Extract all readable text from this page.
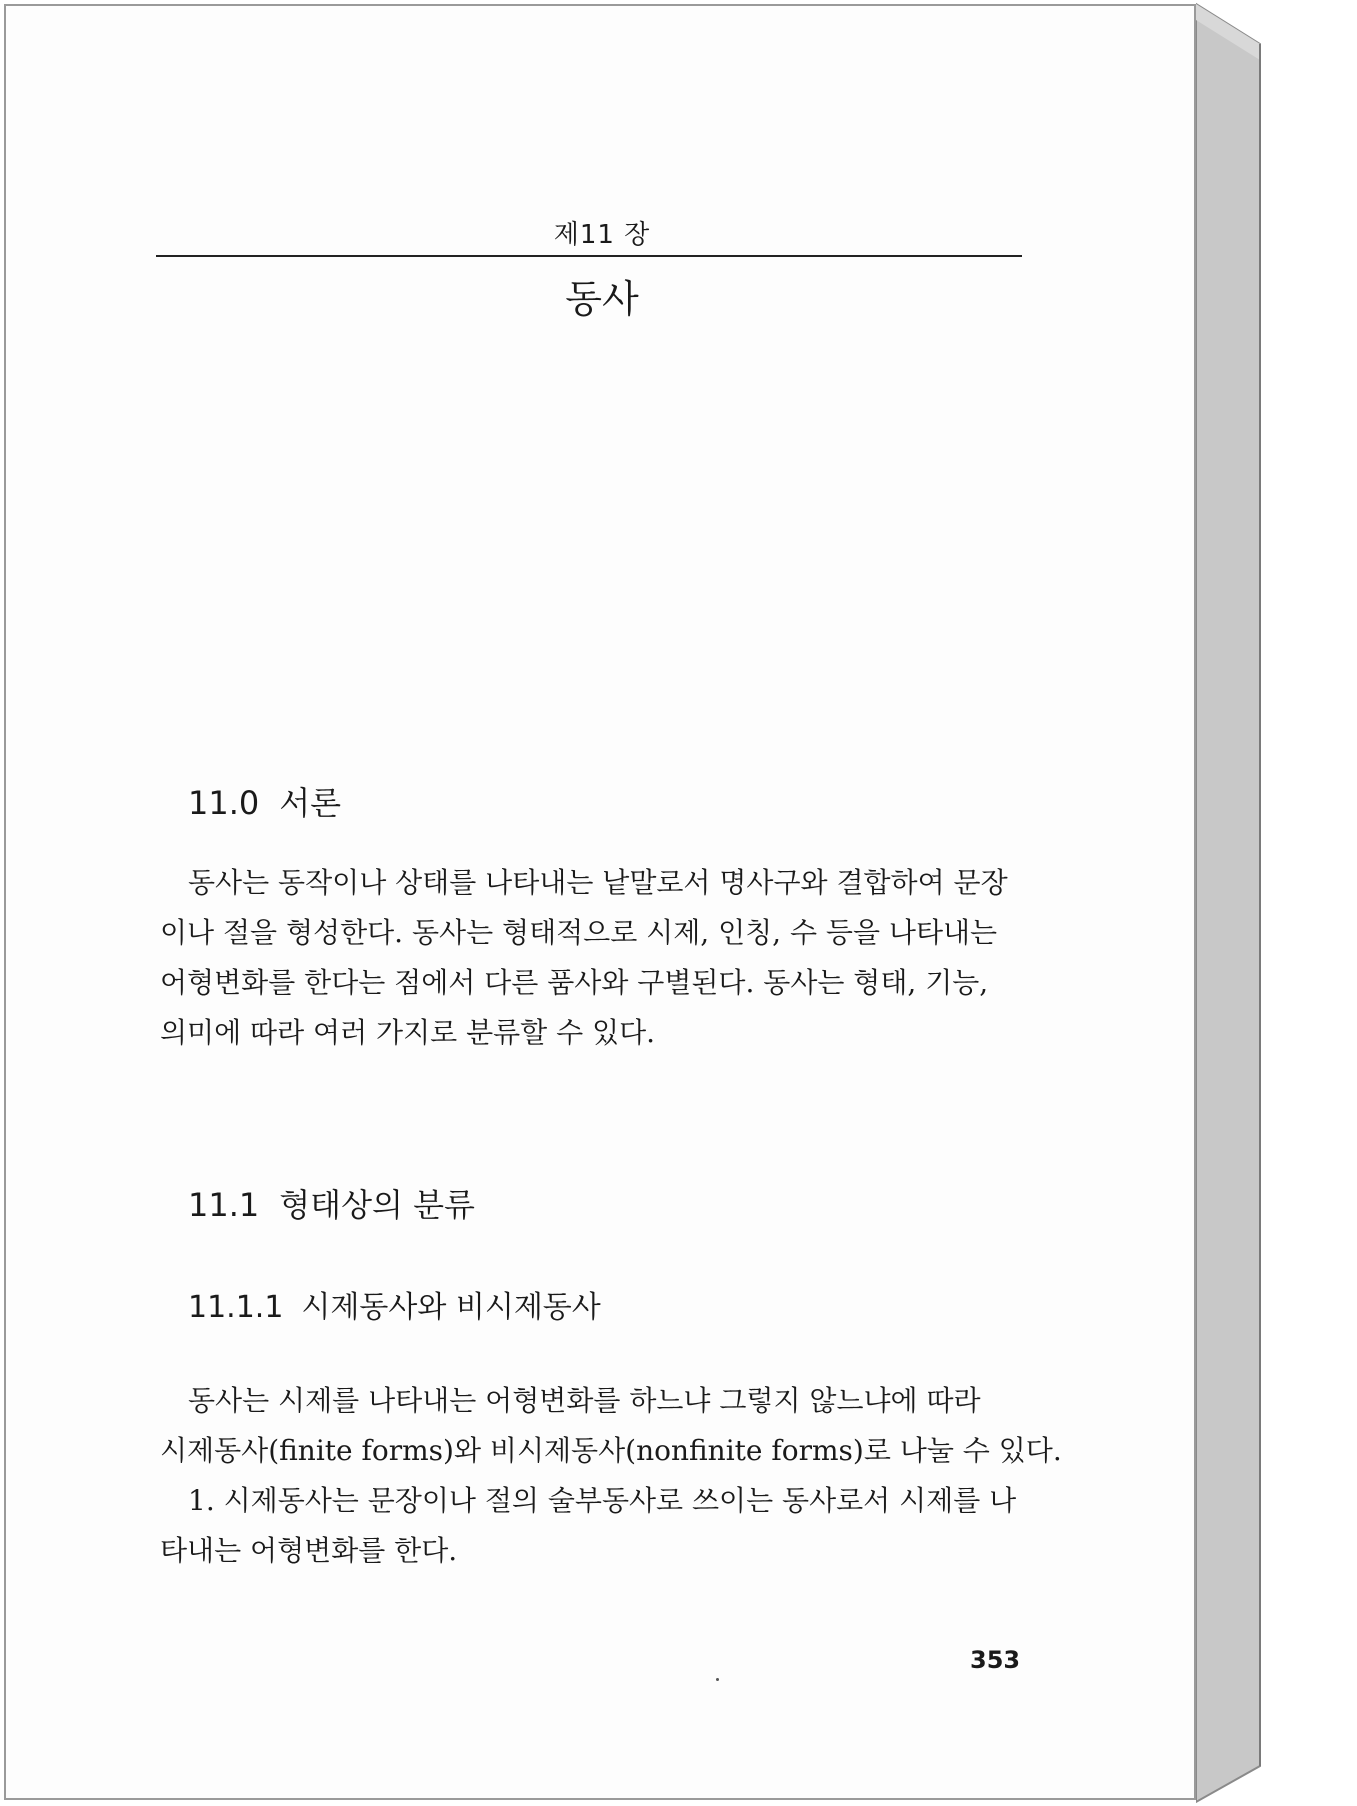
제11 장
동사
11.0 서론
동사는 동작이나 상태를 나타내는 낱말로서 명사구와 결합하여 문장
이나 절을 형성한다. 동사는 형태적으로 시제, 인칭, 수 등을 나타내는
어형변화를 한다는 점에서 다른 품사와 구별된다. 동사는 형태, 기능,
의미에 따라 여러 가지로 분류할 수 있다.
11.1 형태상의 분류
11.1.1 시제동사와 비시제동사
동사는 시제를 나타내는 어형변화를 하느냐 그렇지 않느냐에 따라
시제동사(finite forms)와 비시제동사(nonfinite forms)로 나눌 수 있다.
1. 시제동사는 문장이나 절의 술부동사로 쓰이는 동사로서 시제를 나
타내는 어형변화를 한다.
353
